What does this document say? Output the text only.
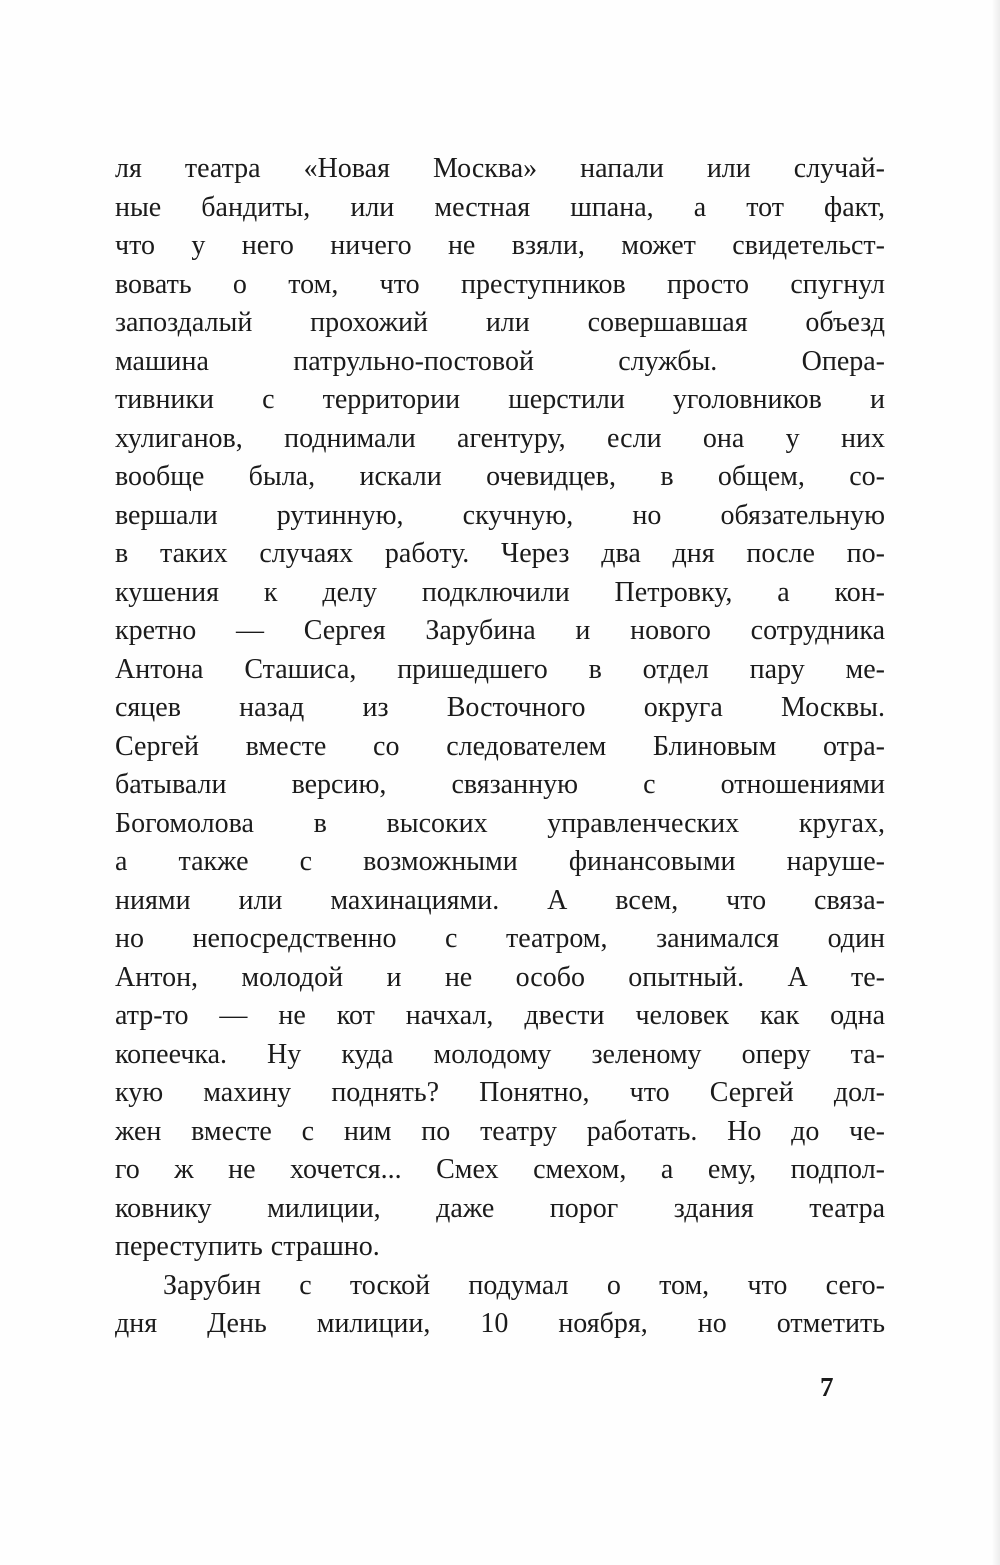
ля театра «Новая Москва» напали или случай-
ные бандиты, или местная шпана, а тот факт,
что у него ничего не взяли, может свидетельст-
вовать о том, что преступников просто спугнул
запоздалый прохожий или совершавшая объезд
машина патрульно-постовой службы. Опера-
тивники с территории шерстили уголовников и
хулиганов, поднимали агентуру, если она у них
вообще была, искали очевидцев, в общем, со-
вершали рутинную, скучную, но обязательную
в таких случаях работу. Через два дня после по-
кушения к делу подключили Петровку, а кон-
кретно — Сергея Зарубина и нового сотрудника
Антона Сташиса, пришедшего в отдел пару ме-
сяцев назад из Восточного округа Москвы.
Сергей вместе со следователем Блиновым отра-
батывали версию, связанную с отношениями
Богомолова в высоких управленческих кругах,
а также с возможными финансовыми наруше-
ниями или махинациями. А всем, что связа-
но непосредственно с театром, занимался один
Антон, молодой и не особо опытный. А те-
атр-то — не кот начхал, двести человек как одна
копеечка. Ну куда молодому зеленому оперу та-
кую махину поднять? Понятно, что Сергей дол-
жен вместе с ним по театру работать. Но до че-
го ж не хочется... Смех смехом, а ему, подпол-
ковнику милиции, даже порог здания театра
переступить страшно.
Зарубин с тоской подумал о том, что сего-
дня День милиции, 10 ноября, но отметить
7
